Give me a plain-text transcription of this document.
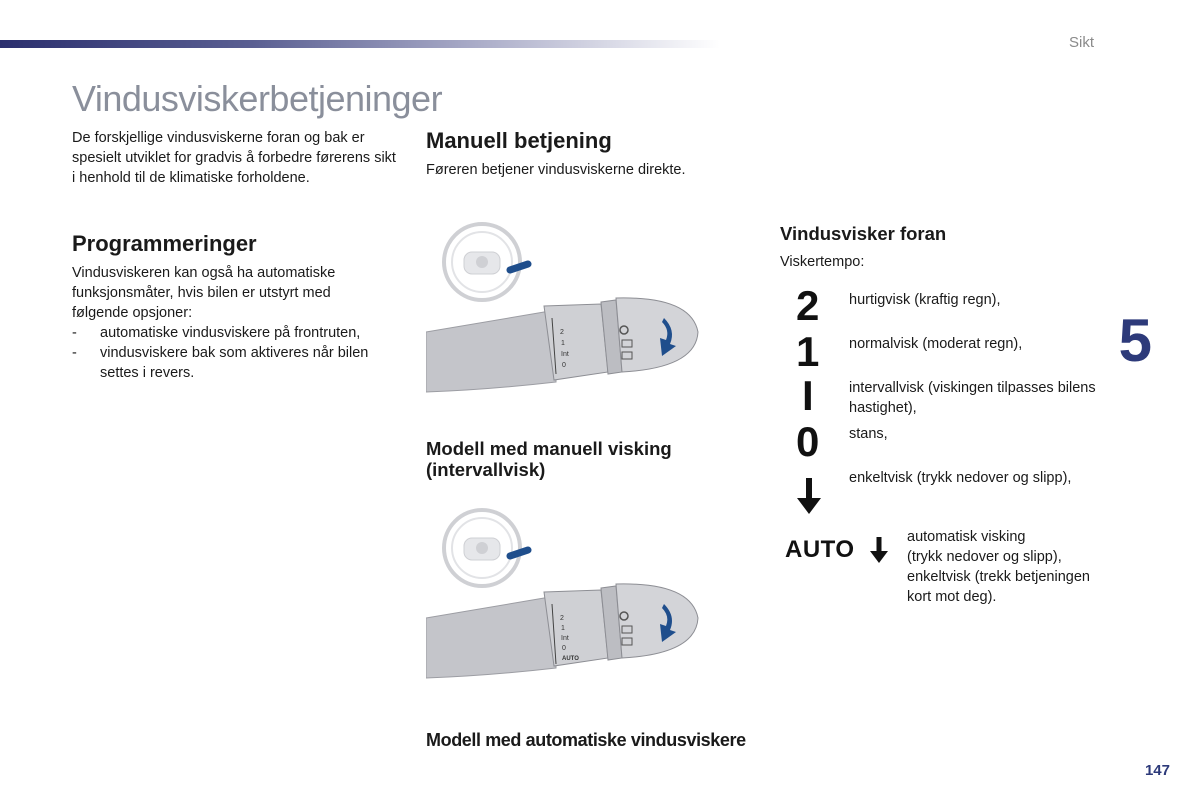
Sikt
5
147
Vindusviskerbetjeninger
De forskjellige vindusviskerne foran og bak er spesielt utviklet for gradvis å forbedre førerens sikt i henhold til de klimatiske forholdene.
Programmeringer
Vindusviskeren kan også ha automatiske funksjonsmåter, hvis bilen er utstyrt med følgende opsjoner:
- automatiske vindusviskere på frontruten,
- vindusviskere bak som aktiveres når bilen settes i revers.
Manuell betjening
Føreren betjener vindusviskerne direkte.
2
1
Int
0
Modell med manuell visking (intervallvisk)
2
1
Int
0
AUTO
Modell med automatiske vindusviskere
Vindusvisker foran
Viskertempo:
2 hurtigvisk (kraftig regn),
1 normalvisk (moderat regn),
I intervallvisk (viskingen tilpasses bilens hastighet),
0 stans,
enkeltvisk (trykk nedover og slipp),
AUTO	automatisk visking
(trykk nedover og slipp),
enkeltvisk (trekk betjeningen
kort mot deg).
